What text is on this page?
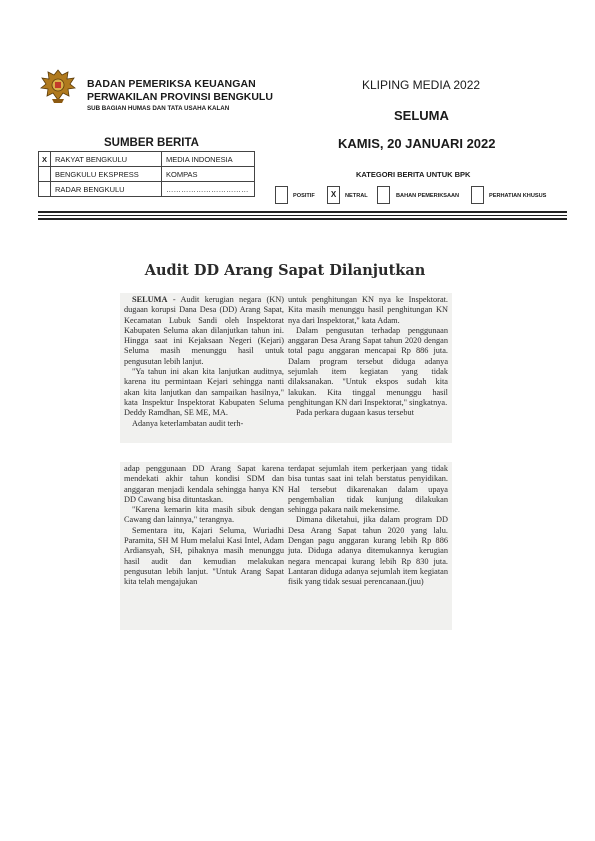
BADAN PEMERIKSA KEUANGAN
PERWAKILAN PROVINSI BENGKULU
SUB BAGIAN HUMAS DAN TATA USAHA KALAN
KLIPING MEDIA 2022
SELUMA
SUMBER BERITA	KAMIS, 20 JANUARI 2022
X	RAKYAT BENGKULU	MEDIA INDONESIA
	BENGKULU EKSPRESS	KOMPAS
	RADAR BENGKULU	……………………………
KATEGORI BERITA UNTUK BPK
POSITIF	X	NETRAL	BAHAN PEMERIKSAAN	PERHATIAN KHUSUS
Audit DD Arang Sapat Dilanjutkan

SELUMA - Audit kerugian negara (KN) dugaan korupsi Dana Desa (DD) Arang Sapat, Kecamatan Lubuk Sandi oleh Inspektorat Kabupaten Seluma akan dilanjutkan tahun ini. Hingga saat ini Kejaksaan Negeri (Kejari) Seluma masih menunggu hasil untuk pengusutan lebih lanjut.

"Ya tahun ini akan kita lanjutkan auditnya, karena itu permintaan Kejari sehingga nanti akan kita lanjutkan dan sampaikan hasilnya," kata Inspektur Inspektorat Kabupaten Seluma Deddy Ramdhan, SE ME, MA.

Adanya keterlambatan audit terh-

untuk penghitungan KN nya ke Inspektorat. Kita masih menunggu hasil penghitungan KN nya dari Inspektorat," kata Adam.

Dalam pengusutan terhadap penggunaan anggaran Desa Arang Sapat tahun 2020 dengan total pagu anggaran mencapai Rp 886 juta. Dalam program tersebut diduga adanya sejumlah item kegiatan yang tidak dilaksanakan. "Untuk ekspos sudah kita lakukan. Kita tinggal menunggu hasil penghitungan KN dari Inspektorat," singkatnya.

Pada perkara dugaan kasus tersebut

adap penggunaan DD Arang Sapat karena mendekati akhir tahun kondisi SDM dan anggaran menjadi kendala sehingga hanya KN DD Cawang bisa dituntaskan.

"Karena kemarin kita masih sibuk dengan Cawang dan lainnya," terangnya.

Sementara itu, Kajari Seluma, Wuriadhi Paramita, SH M Hum melalui Kasi Intel, Adam Ardiansyah, SH, pihaknya masih menunggu hasil audit dan kemudian melakukan pengusutan lebih lanjut. "Untuk Arang Sapat kita telah mengajukan

terdapat sejumlah item perkerjaan yang tidak bisa tuntas saat ini telah berstatus penyidikan. Hal tersebut dikarenakan dalam upaya pengembalian tidak kunjung dilakukan sehingga pakara naik mekensime.

Dimana diketahui, jika dalam program DD Desa Arang Sapat tahun 2020 yang lalu. Dengan pagu anggaran kurang lebih Rp 886 juta. Diduga adanya ditemukannya kerugian negara mencapai kurang lebih Rp 830 juta. Lantaran diduga adanya sejumlah item kegiatan fisik yang tidak sesuai perencanaan.(juu)
